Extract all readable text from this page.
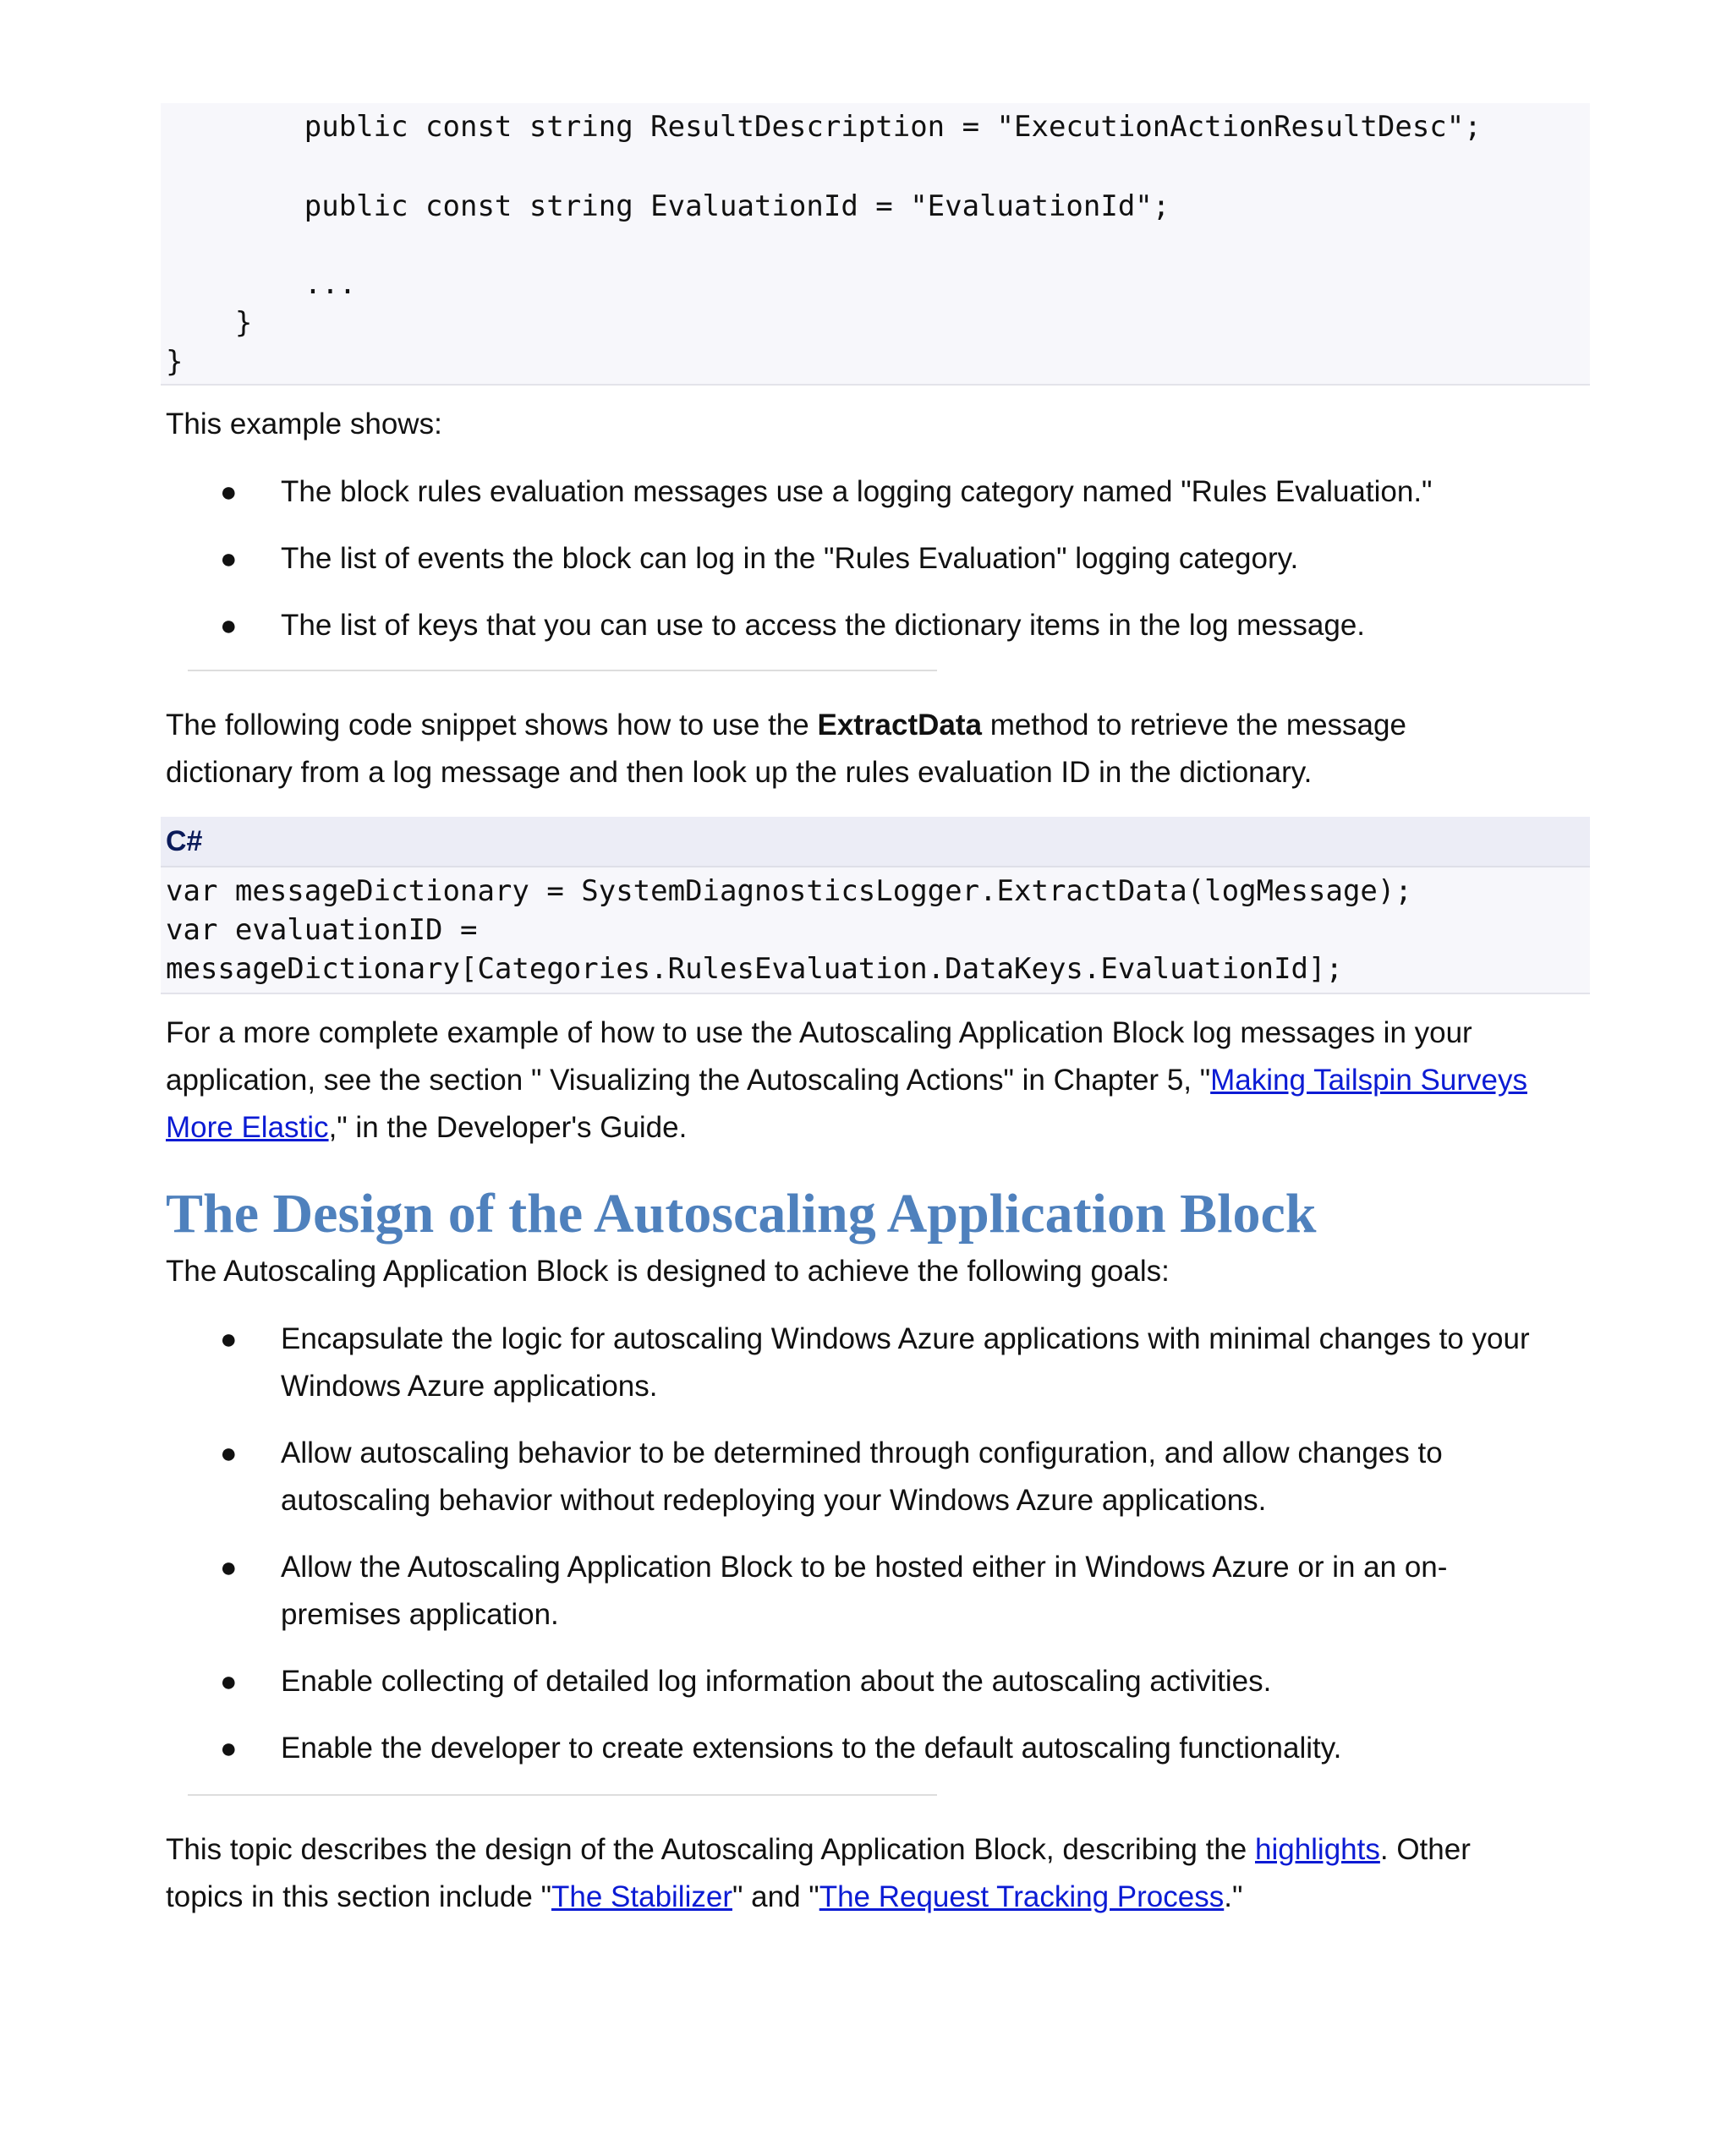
public const string ResultDescription = "ExecutionActionResultDesc";

public const string EvaluationId = "EvaluationId";

...

}

}

This example shows:
●	The block rules evaluation messages use a logging category named "Rules Evaluation."
●	The list of events the block can log in the "Rules Evaluation" logging category.
●	The list of keys that you can use to access the dictionary items in the log message.
The following code snippet shows how to use the ExtractData method to retrieve the message
dictionary from a log message and then look up the rules evaluation ID in the dictionary.
C#

var messageDictionary = SystemDiagnosticsLogger.ExtractData(logMessage);

var evaluationID =

messageDictionary[Categories.RulesEvaluation.DataKeys.EvaluationId];

For a more complete example of how to use the Autoscaling Application Block log messages in your
application, see the section " Visualizing the Autoscaling Actions" in Chapter 5, "Making Tailspin Surveys
More Elastic," in the Developer's Guide.
The Design of the Autoscaling Application Block
The Autoscaling Application Block is designed to achieve the following goals:
●	Encapsulate the logic for autoscaling Windows Azure applications with minimal changes to your
Windows Azure applications.
●	Allow autoscaling behavior to be determined through configuration, and allow changes to
autoscaling behavior without redeploying your Windows Azure applications.
●	Allow the Autoscaling Application Block to be hosted either in Windows Azure or in an on-
premises application.
●	Enable collecting of detailed log information about the autoscaling activities.
●	Enable the developer to create extensions to the default autoscaling functionality.
This topic describes the design of the Autoscaling Application Block, describing the highlights. Other
topics in this section include "The Stabilizer" and "The Request Tracking Process."
